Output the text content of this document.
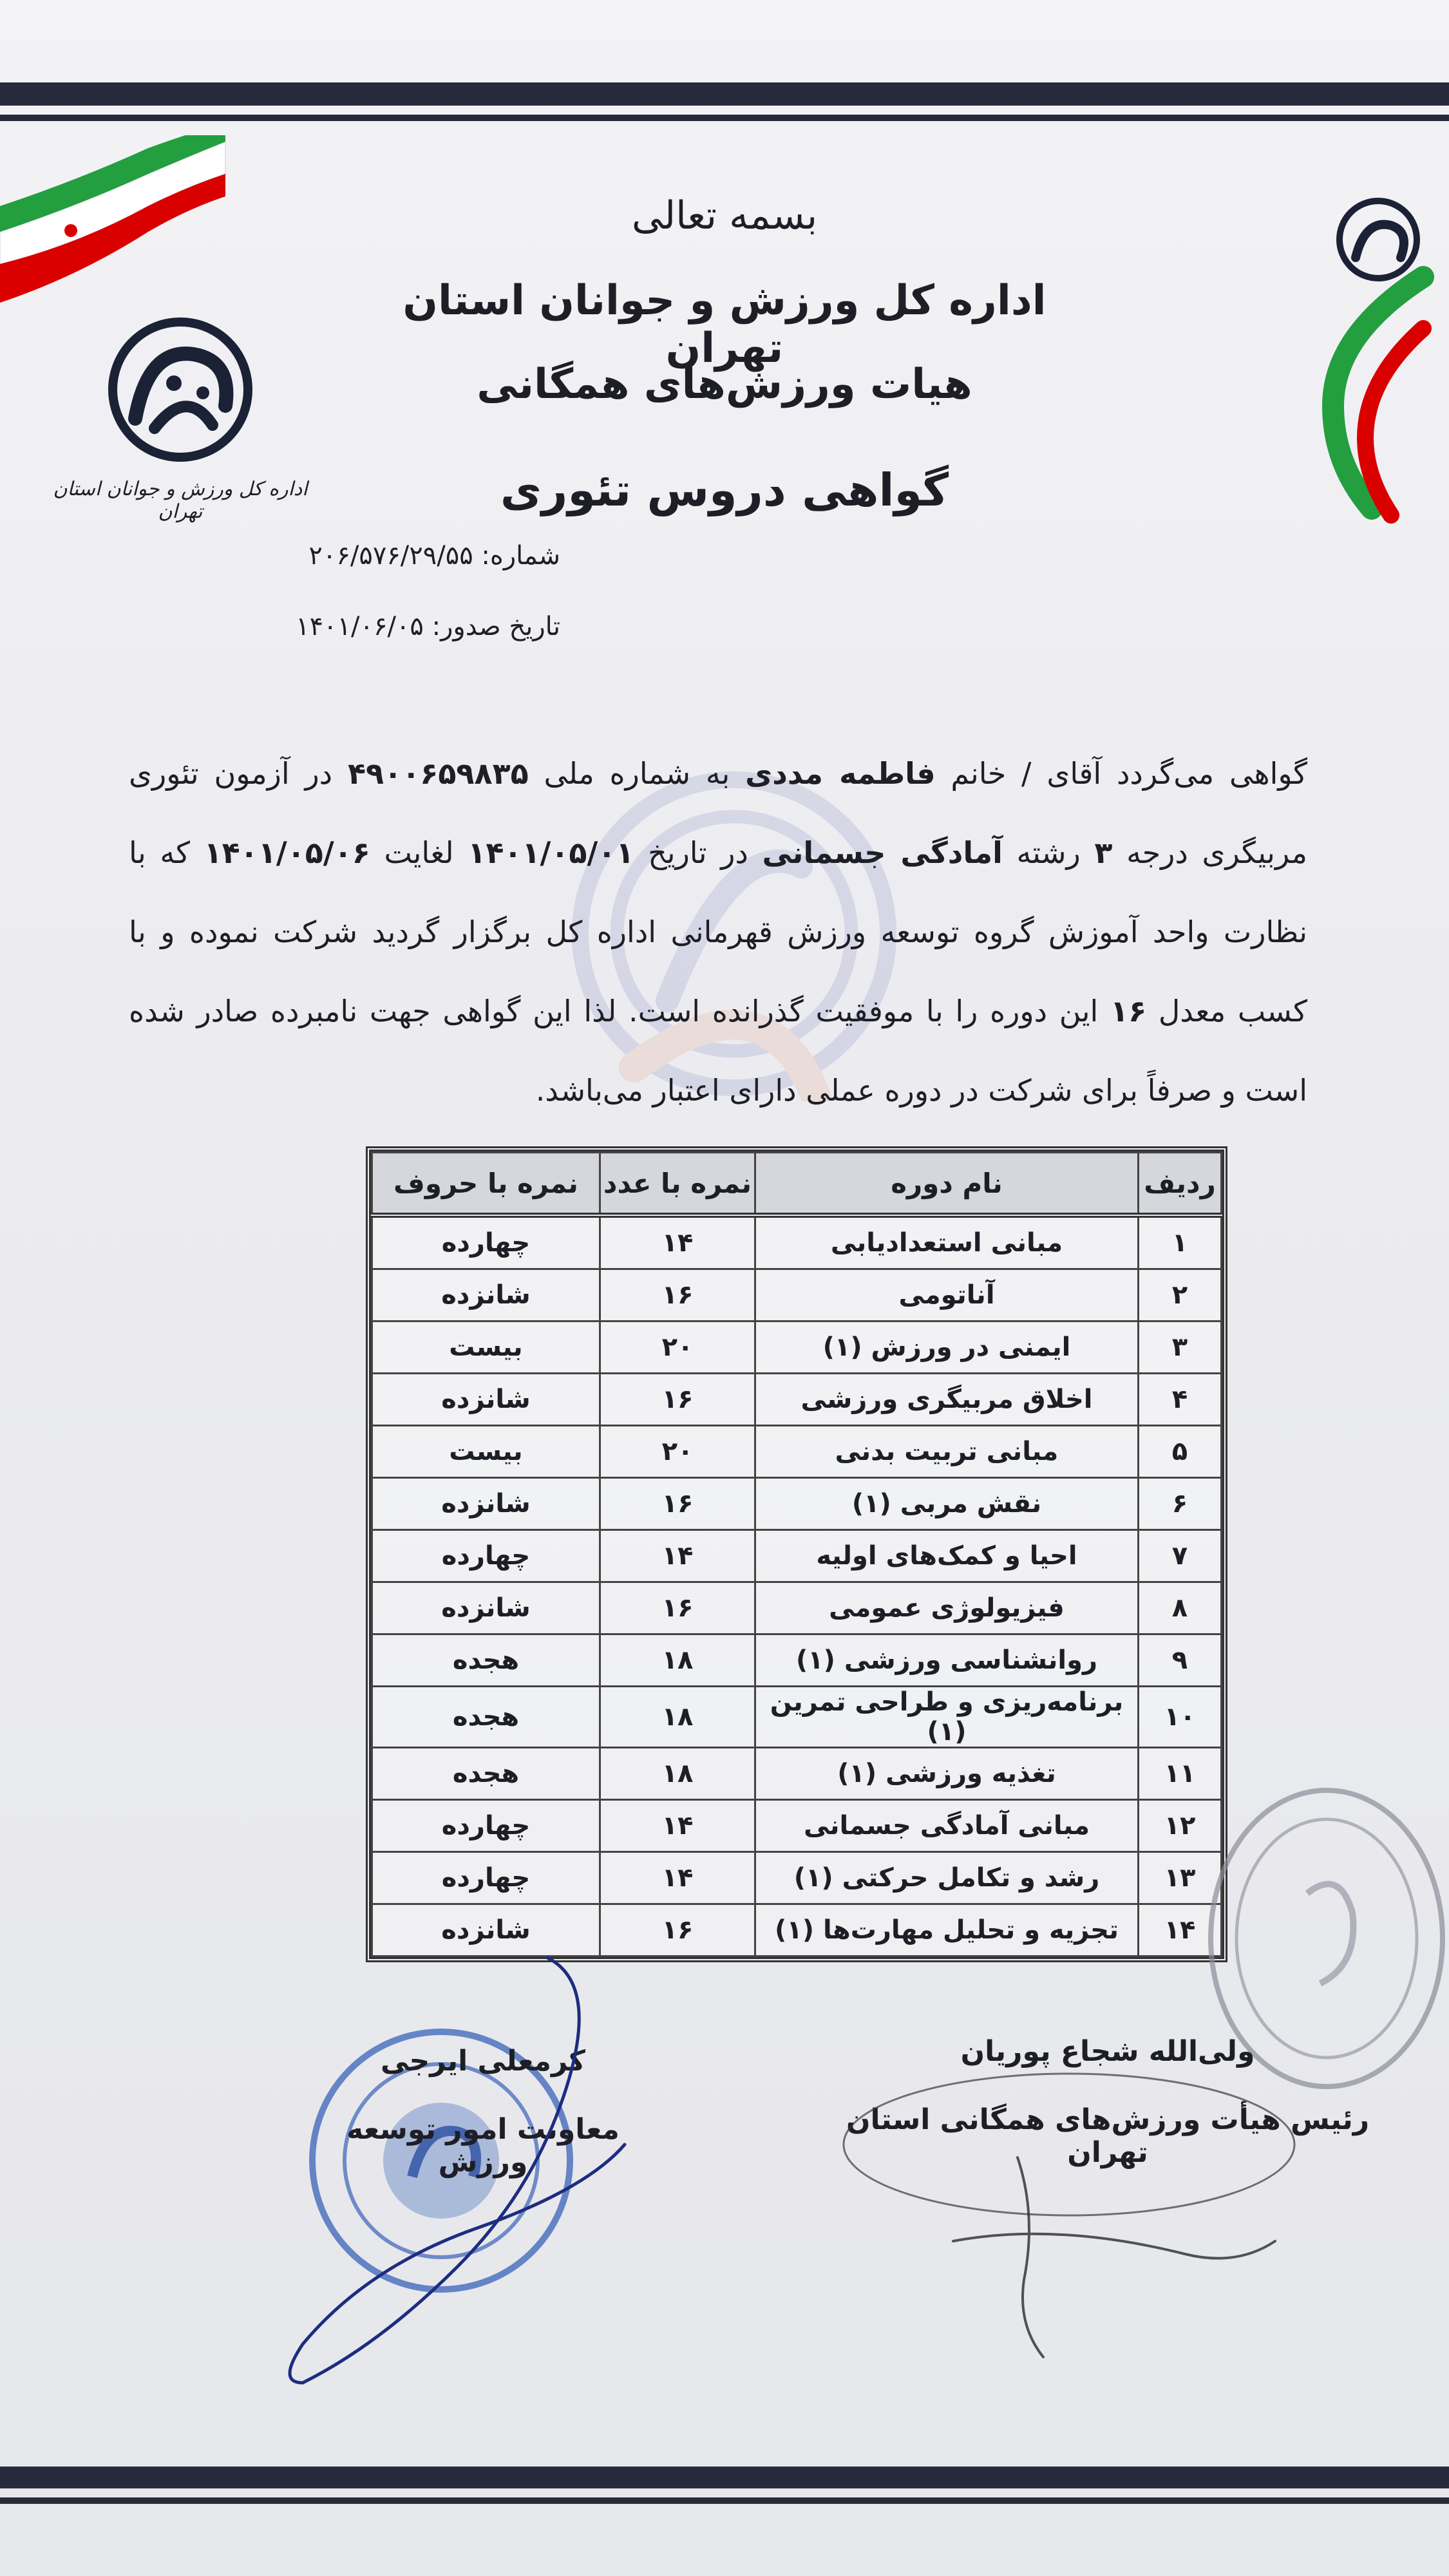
اداره کل ورزش و جوانان استان تهران
بسمه تعالی
اداره کل ورزش و جوانان استان تهران
هیات ورزش‌های همگانی
گواهی دروس تئوری
شماره: ۲۰۶/۵۷۶/۲۹/۵۵
تاریخ صدور: ۱۴۰۱/۰۶/۰۵
گواهی می‌گردد آقای / خانم فاطمه مددی به شماره ملی ۴۹۰۰۶۵۹۸۳۵ در آزمون تئوری مربیگری درجه ۳ رشته آمادگی جسمانی در تاریخ ۱۴۰۱/۰۵/۰۱ لغایت ۱۴۰۱/۰۵/۰۶ که با نظارت واحد آموزش گروه توسعه ورزش قهرمانی اداره کل برگزار گردید شرکت نموده و با کسب معدل ۱۶ این دوره را با موفقیت گذرانده است. لذا این گواهی جهت نامبرده صادر شده است و صرفاً برای شرکت در دوره عملی دارای اعتبار می‌باشد.
ردیف	نام دوره	نمره با عدد	نمره با حروف
۱	مبانی استعدادیابی	۱۴	چهارده
۲	آناتومی	۱۶	شانزده
۳	ایمنی در ورزش (۱)	۲۰	بیست
۴	اخلاق مربیگری ورزشی	۱۶	شانزده
۵	مبانی تربیت بدنی	۲۰	بیست
۶	نقش مربی (۱)	۱۶	شانزده
۷	احیا و کمک‌های اولیه	۱۴	چهارده
۸	فیزیولوژی عمومی	۱۶	شانزده
۹	روانشناسی ورزشی (۱)	۱۸	هجده
۱۰	برنامه‌ریزی و طراحی تمرین (۱)	۱۸	هجده
۱۱	تغذیه ورزشی (۱)	۱۸	هجده
۱۲	مبانی آمادگی جسمانی	۱۴	چهارده
۱۳	رشد و تکامل حرکتی (۱)	۱۴	چهارده
۱۴	تجزیه و تحلیل مهارت‌ها (۱)	۱۶	شانزده
کرمعلی ایرجی
معاونت امور توسعه ورزش
ولی‌الله شجاع پوریان
رئیس هیأت ورزش‌های همگانی استان تهران
